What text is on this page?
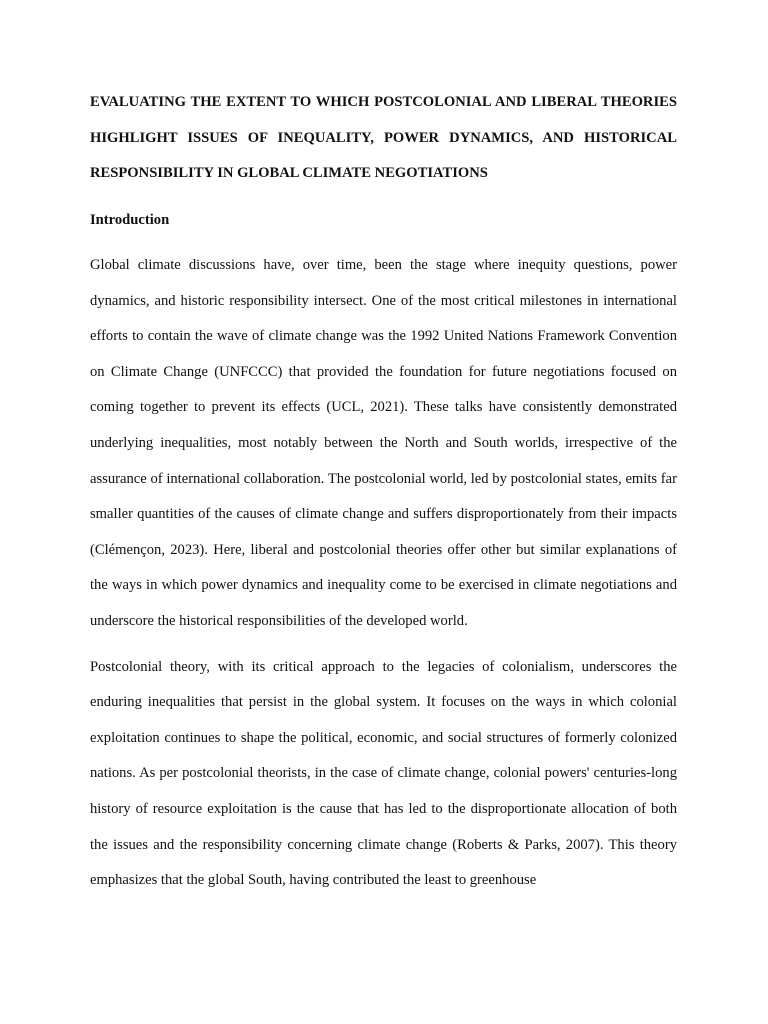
EVALUATING THE EXTENT TO WHICH POSTCOLONIAL AND LIBERAL THEORIES HIGHLIGHT ISSUES OF INEQUALITY, POWER DYNAMICS, AND HISTORICAL RESPONSIBILITY IN GLOBAL CLIMATE NEGOTIATIONS

Introduction

Global climate discussions have, over time, been the stage where inequity questions, power dynamics, and historic responsibility intersect. One of the most critical milestones in international efforts to contain the wave of climate change was the 1992 United Nations Framework Convention on Climate Change (UNFCCC) that provided the foundation for future negotiations focused on coming together to prevent its effects (UCL, 2021). These talks have consistently demonstrated underlying inequalities, most notably between the North and South worlds, irrespective of the assurance of international collaboration. The postcolonial world, led by postcolonial states, emits far smaller quantities of the causes of climate change and suffers disproportionately from their impacts (Clémençon, 2023). Here, liberal and postcolonial theories offer other but similar explanations of the ways in which power dynamics and inequality come to be exercised in climate negotiations and underscore the historical responsibilities of the developed world.

Postcolonial theory, with its critical approach to the legacies of colonialism, underscores the enduring inequalities that persist in the global system. It focuses on the ways in which colonial exploitation continues to shape the political, economic, and social structures of formerly colonized nations. As per postcolonial theorists, in the case of climate change, colonial powers' centuries-long history of resource exploitation is the cause that has led to the disproportionate allocation of both the issues and the responsibility concerning climate change (Roberts & Parks, 2007). This theory emphasizes that the global South, having contributed the least to greenhouse
